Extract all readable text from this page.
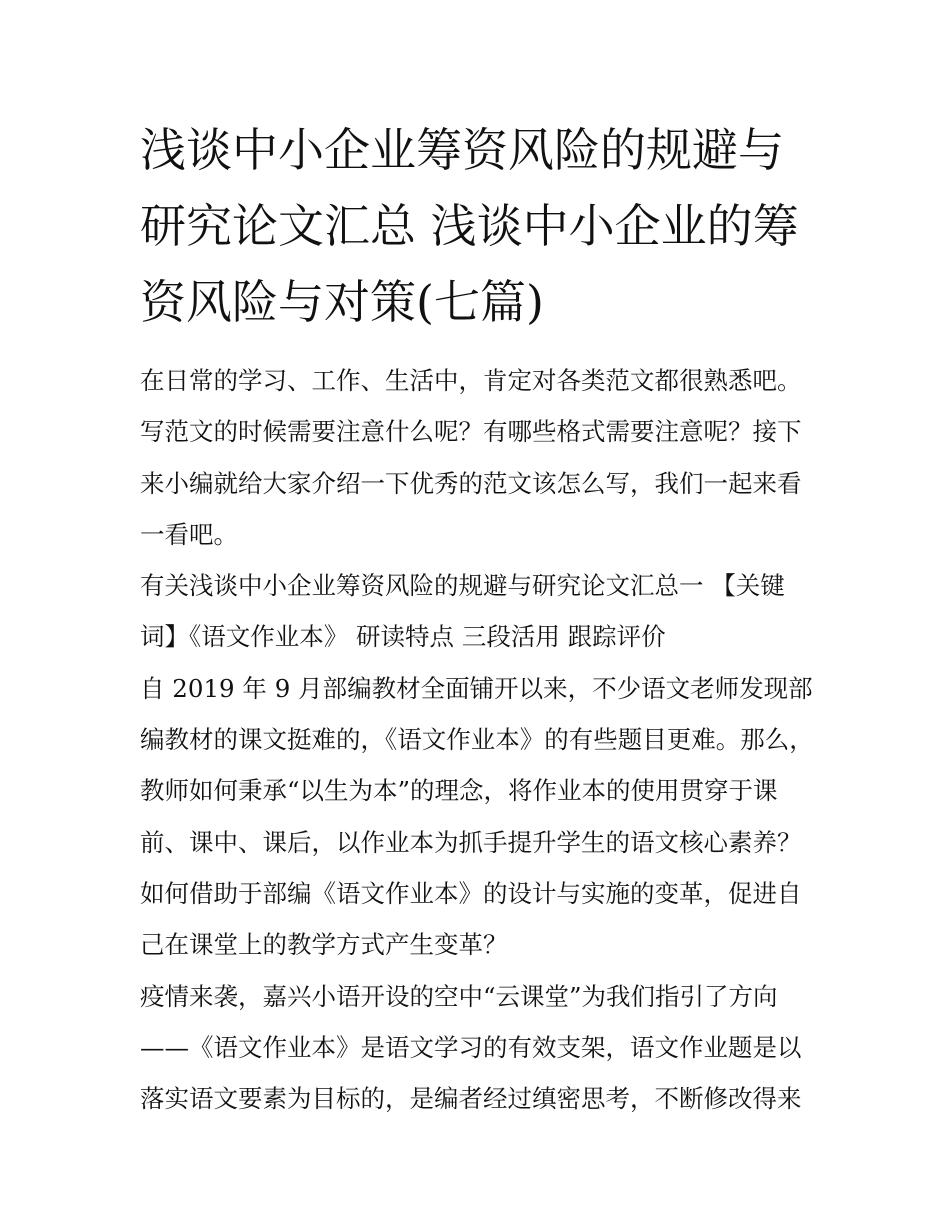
浅谈中小企业筹资风险的规避与研究论文汇总 浅谈中小企业的筹资风险与对策(七篇)

在日常的学习、工作、生活中，肯定对各类范文都很熟悉吧。写范文的时候需要注意什么呢？有哪些格式需要注意呢？接下来小编就给大家介绍一下优秀的范文该怎么写，我们一起来看一看吧。

有关浅谈中小企业筹资风险的规避与研究论文汇总一 【关键词】《语文作业本》 研读特点 三段活用 跟踪评价

自 2019 年 9 月部编教材全面铺开以来，不少语文老师发现部编教材的课文挺难的，《语文作业本》的有些题目更难。那么，教师如何秉承“以生为本”的理念，将作业本的使用贯穿于课前、课中、课后，以作业本为抓手提升学生的语文核心素养？如何借助于部编《语文作业本》的设计与实施的变革，促进自己在课堂上的教学方式产生变革？

疫情来袭，嘉兴小语开设的空中“云课堂”为我们指引了方向——《语文作业本》是语文学习的有效支架，语文作业题是以落实语文要素为目标的，是编者经过缜密思考，不断修改得来
